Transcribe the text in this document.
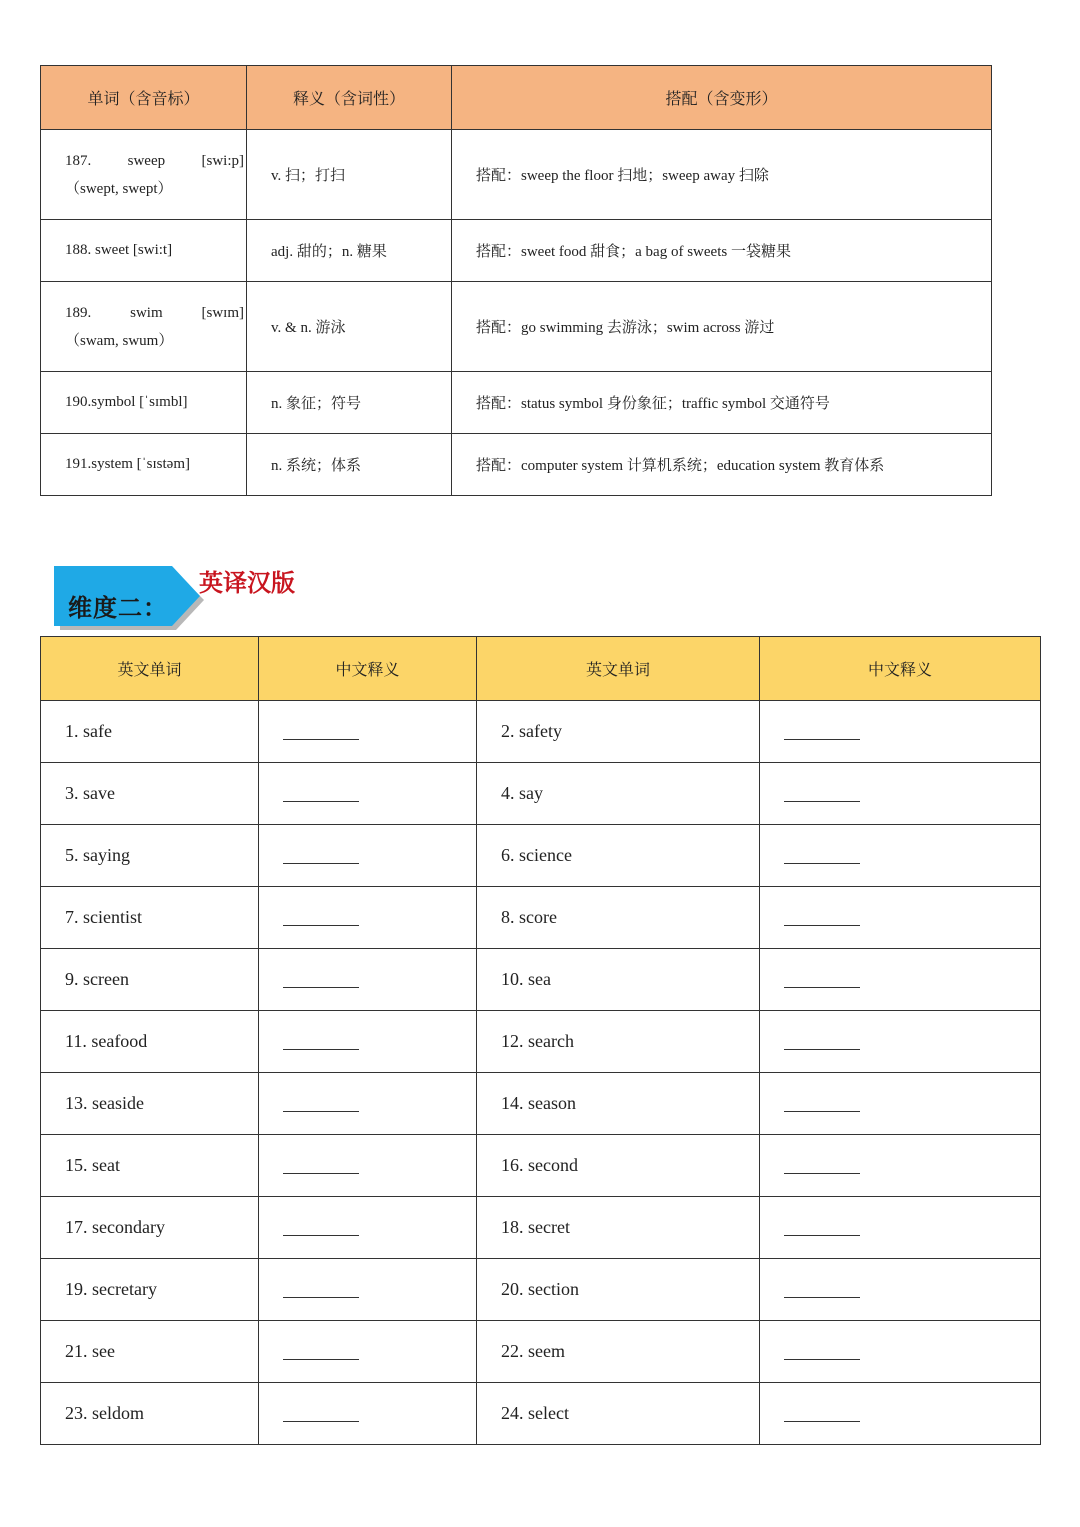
单词（含音标）	释义（含词性）	搭配（含变形）

187. sweep [swi:p]
（swept, swept）	v. 扫；打扫	搭配：sweep the floor 扫地；sweep away 扫除
188. sweet [swi:t]	adj. 甜的；n. 糖果	搭配：sweet food 甜食；a bag of sweets 一袋糖果

189. swim [swɪm]
（swam, swum）	v. & n. 游泳	搭配：go swimming 去游泳；swim across 游过
190.symbol [ˈsɪmbl]	n. 象征；符号	搭配：status symbol 身份象征；traffic symbol 交通符号
191.system [ˈsɪstəm]	n. 系统；体系	搭配：computer system 计算机系统；education system 教育体系
维度二：
英译汉版
英文单词	中文释义	英文单词	中文释义
1. safe		2. safety	
3. save		4. say	
5. saying		6. science	
7. scientist		8. score	
9. screen		10. sea	
11. seafood		12. search	
13. seaside		14. season	
15. seat		16. second	
17. secondary		18. secret	
19. secretary		20. section	
21. see		22. seem	
23. seldom		24. select	
